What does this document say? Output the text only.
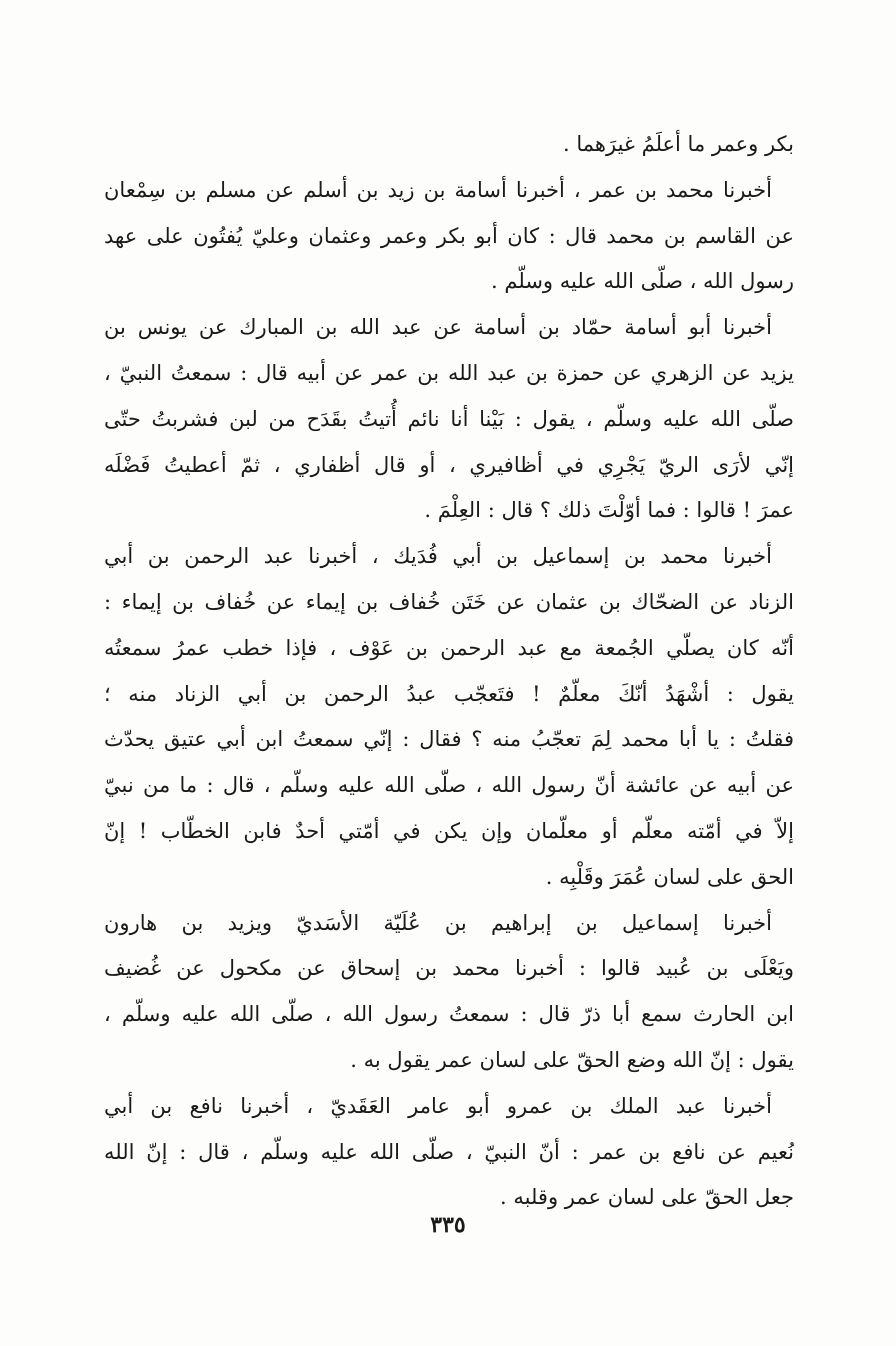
بكر وعمر ما أعلَمُ غيرَهما .
أخبرنا محمد بن عمر ، أخبرنا أسامة بن زيد بن أسلم عن مسلم بن سِمْعان
عن القاسم بن محمد قال : كان أبو بكر وعمر وعثمان وعليّ يُفتُون على عهد
رسول الله ، صلّى الله عليه وسلّم .
أخبرنا أبو أسامة حمّاد بن أسامة عن عبد الله بن المبارك عن يونس بن
يزيد عن الزهري عن حمزة بن عبد الله بن عمر عن أبيه قال : سمعتُ النبيّ ،
صلّى الله عليه وسلّم ، يقول : بَيْنا أنا نائم أُتيتُ بقَدَح من لبن فشربتُ حتّى
إنّي لأرَى الريّ يَجْرِي في أظافيري ، أو قال أظفاري ، ثمّ أعطيتُ فَضْلَه
عمرَ ! قالوا : فما أوّلْتَ ذلك ؟ قال : العِلْمَ .
أخبرنا محمد بن إسماعيل بن أبي فُدَيك ، أخبرنا عبد الرحمن بن أبي
الزناد عن الضحّاك بن عثمان عن خَتَن خُفاف بن إيماء عن خُفاف بن إيماء :
أنّه كان يصلّي الجُمعة مع عبد الرحمن بن عَوْف ، فإذا خطب عمرُ سمعتُه
يقول : أشْهَدُ أنّكَ معلّمٌ ! فتَعجّب عبدُ الرحمن بن أبي الزناد منه ؛
فقلتُ : يا أبا محمد لِمَ تعجّبُ منه ؟ فقال : إنّي سمعتُ ابن أبي عتيق يحدّث
عن أبيه عن عائشة أنّ رسول الله ، صلّى الله عليه وسلّم ، قال : ما من نبيّ
إلاّ في أمّته معلّم أو معلّمان وإن يكن في أمّتي أحدٌ فابن الخطّاب ! إنّ
الحق على لسان عُمَرَ وقَلْبِه .
أخبرنا إسماعيل بن إبراهيم بن عُلَيّة الأسَديّ ويزيد بن هارون
ويَعْلَى بن عُبيد قالوا : أخبرنا محمد بن إسحاق عن مكحول عن غُضيف
ابن الحارث سمع أبا ذرّ قال : سمعتُ رسول الله ، صلّى الله عليه وسلّم ،
يقول : إنّ الله وضع الحقّ على لسان عمر يقول به .
أخبرنا عبد الملك بن عمرو أبو عامر العَقَديّ ، أخبرنا نافع بن أبي
نُعيم عن نافع بن عمر : أنّ النبيّ ، صلّى الله عليه وسلّم ، قال : إنّ الله
جعل الحقّ على لسان عمر وقلبه .
٣٣٥
